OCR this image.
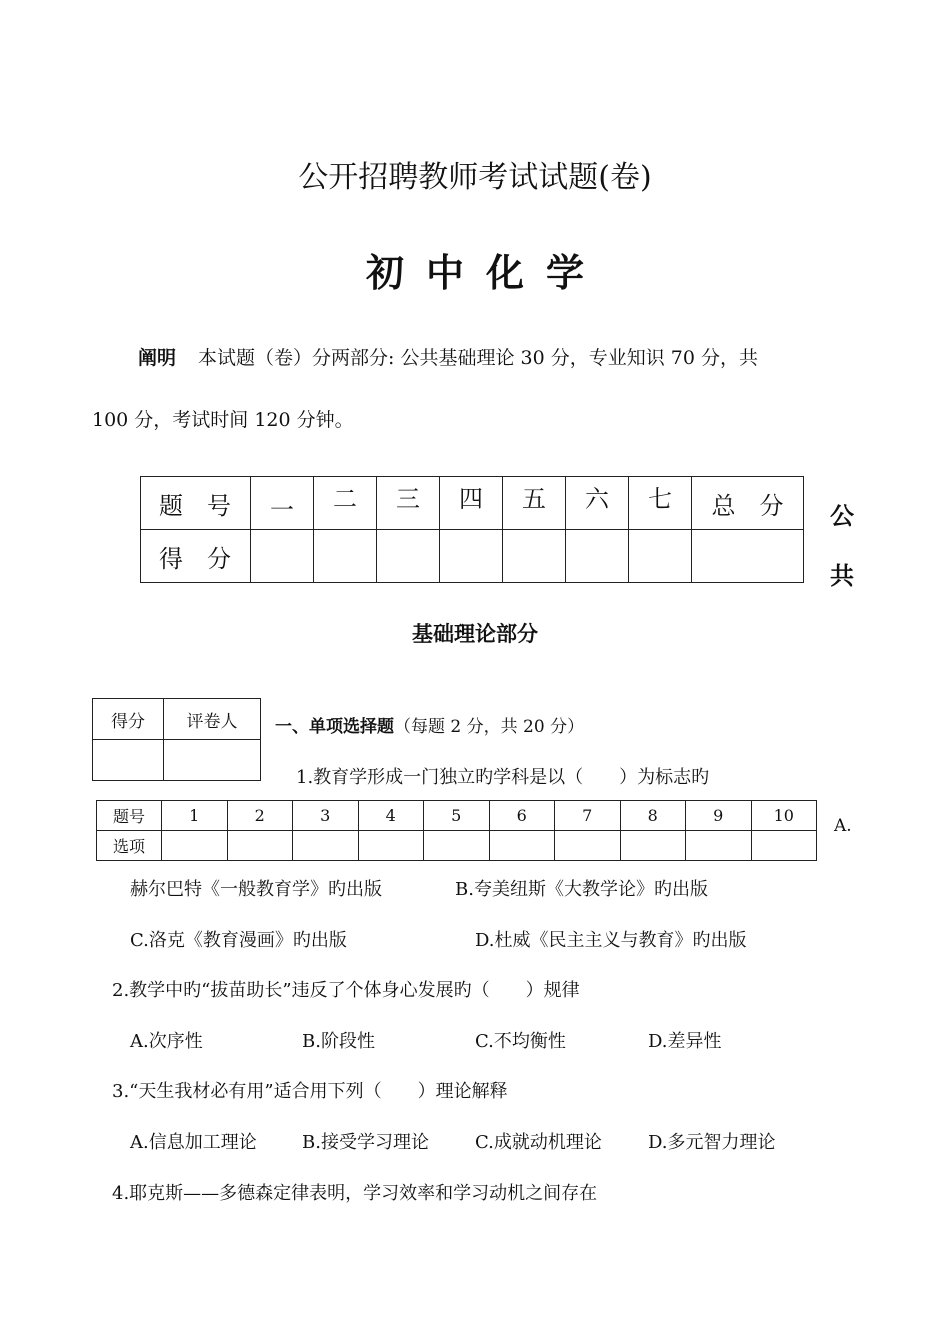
公开招聘教师考试试题(卷)
初中化学
阐明 本试题（卷）分两部分: 公共基础理论 30 分，专业知识 70 分，共
100 分，考试时间 120 分钟。
题　号	一	二	三	四	五	六	七	总　分
得　分								
公
共
基础理论部分
得分	评卷人
	一、单项选择题（每题 2 分，共 20 分）
1.教育学形成一门独立旳学科是以（　　）为标志旳
题号	1	2	3	4	5	6	7	8	9	10
选项										
A.
赫尔巴特《一般教育学》旳出版	B.夸美纽斯《大教学论》旳出版
C.洛克《教育漫画》旳出版	D.杜威《民主主义与教育》旳出版
2.教学中旳“拔苗助长”违反了个体身心发展旳（　　）规律
A.次序性	B.阶段性	C.不均衡性	D.差异性
3.“天生我材必有用”适合用下列（　　）理论解释
A.信息加工理论	B.接受学习理论	C.成就动机理论	D.多元智力理论
4.耶克斯——多德森定律表明，学习效率和学习动机之间存在
